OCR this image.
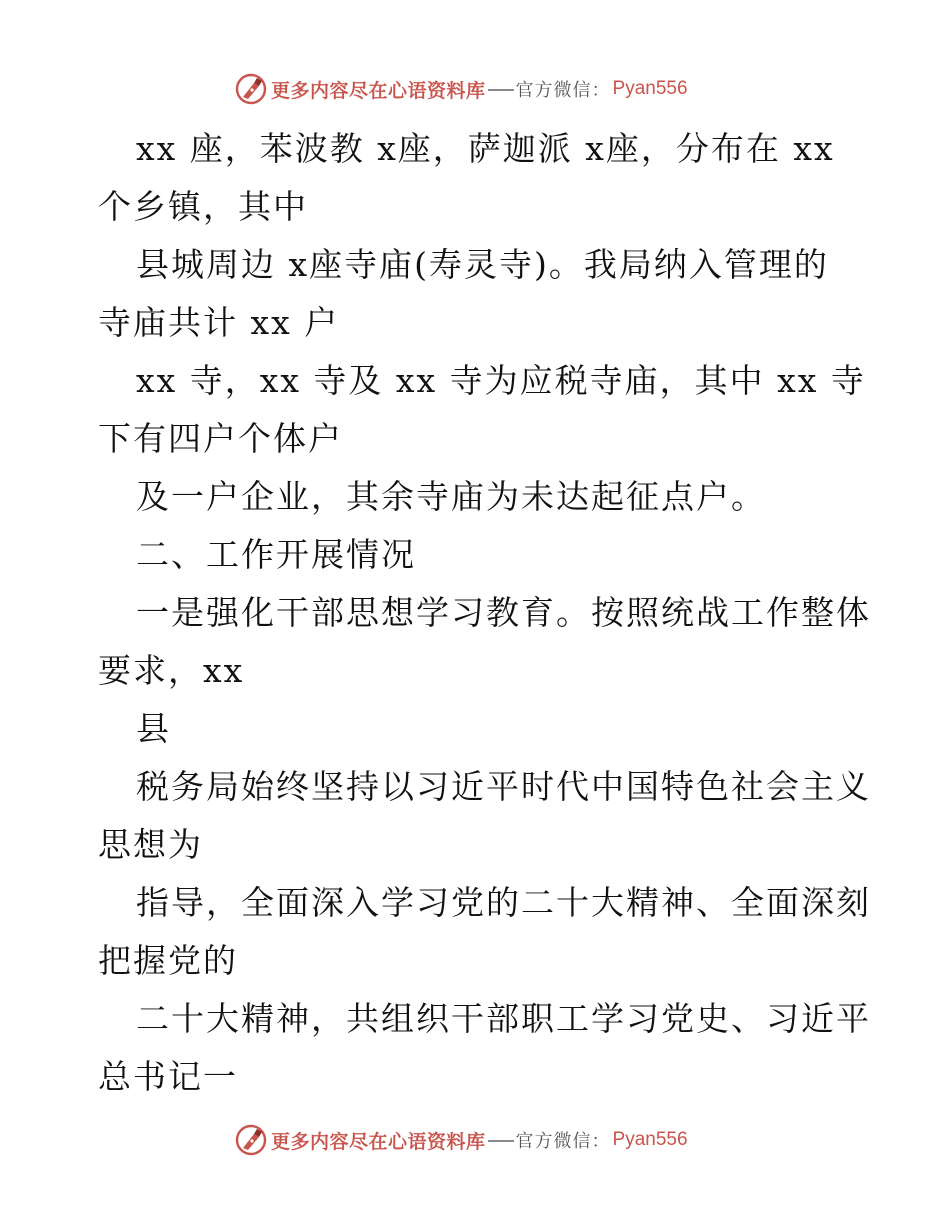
更多内容尽在心语资料库 官方微信： Pyan556
xx 座，苯波教 x座，萨迦派 x座，分布在 xx
个乡镇，其中
县城周边 x座寺庙(寿灵寺)。我局纳入管理的
寺庙共计 xx 户
xx 寺，xx 寺及 xx 寺为应税寺庙，其中 xx 寺
下有四户个体户
及一户企业，其余寺庙为未达起征点户。
二、工作开展情况
一是强化干部思想学习教育。按照统战工作整体
要求，xx
县
税务局始终坚持以习近平时代中国特色社会主义
思想为
指导，全面深入学习党的二十大精神、全面深刻
把握党的
二十大精神，共组织干部职工学习党史、习近平
总书记一
更多内容尽在心语资料库 官方微信： Pyan556
